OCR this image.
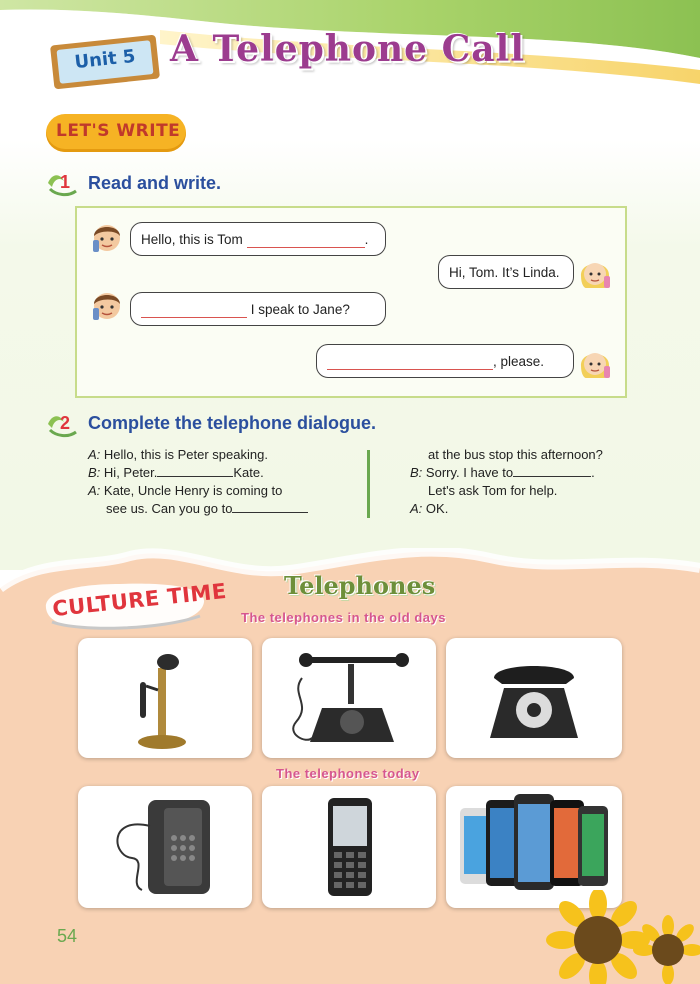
Unit 5 A Telephone Call
LET'S WRITE
1 Read and write.
Hello, this is Tom	.
Hi, Tom. It’s Linda.
I speak to Jane?
, please.
2 Complete the telephone dialogue.
A: Hello, this is Peter speaking.
B: Hi, Peter.	Kate.
A: Kate, Uncle Henry is coming to
see us. Can you go to
at the bus stop this afternoon?
B: Sorry. I have to	.
Let's ask Tom for help.
A: OK.
CULTURE TIME Telephones
The telephones in the old days
The telephones today
54
